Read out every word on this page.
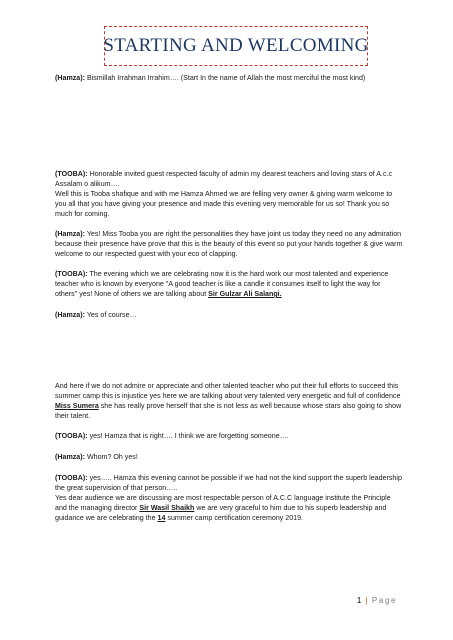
STARTING AND WELCOMING

(Hamza): Bismillah Irrahman Irrahim…. (Start In the name of Allah the most merciful the most kind)

(TOOBA): Honorable invited guest respected faculty of admin my dearest teachers and loving stars of A.c.c Assalam o alikum….

Well this is Tooba shafique and with me Hamza Ahmed we are felling very owner & giving warm welcome to you all that you have giving your presence and made this evening very memorable for us so! Thank you so much for coming.

(Hamza): Yes! Miss Tooba you are right the personalities they have joint us today they need no any admiration because their presence have prove that this is the beauty of this event so put your hands together & give warm welcome to our respected guest with your eco of clapping.

(TOOBA): The evening which we are celebrating now it is the hard work our most talented and experience teacher who is known by everyone "A good teacher is like a candle it consumes itself to light the way for others" yes! None of others we are talking about Sir Gulzar Ali Salangi.

(Hamza): Yes of course…

And here if we do not admire or appreciate and other talented teacher who put their full efforts to succeed this summer camp this is injustice yes here we are talking about very talented very energetic and full of confidence Miss Sumera she has really prove herself that she is not less as well because whose stars also going to show their talent.

(TOOBA): yes! Hamza that is right…. I think we are forgetting someone….

(Hamza): Whom? Oh yes!

(TOOBA): yes….. Hamza this evening cannot be possible if we had not the kind support the superb leadership the great supervision of that person…..

Yes dear audience we are discussing are most respectable person of A.C.C language institute the Principle and the managing director Sir Wasil Shaikh we are very graceful to him due to his superb leadership and guidance we are celebrating the 14 summer camp certification ceremony 2019.

1 | Page
